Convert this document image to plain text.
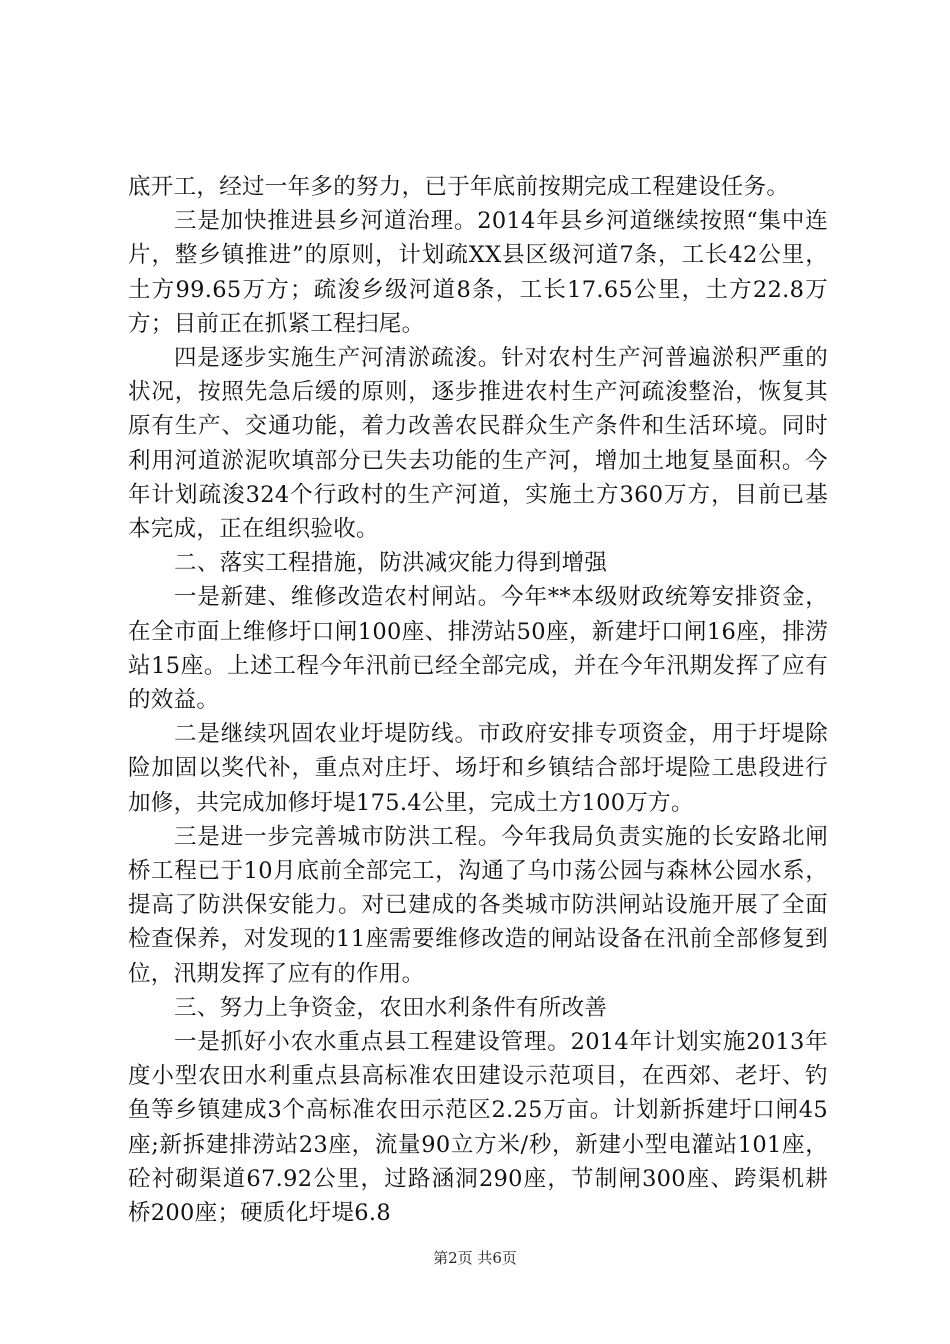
底开工，经过一年多的努力，已于年底前按期完成工程建设任务。

三是加快推进县乡河道治理。2014年县乡河道继续按照“集中连片，整乡镇推进”的原则，计划疏XX县区级河道7条，工长42公里，土方99.65万方；疏浚乡级河道8条，工长17.65公里，土方22.8万方；目前正在抓紧工程扫尾。

四是逐步实施生产河清淤疏浚。针对农村生产河普遍淤积严重的状况，按照先急后缓的原则，逐步推进农村生产河疏浚整治，恢复其原有生产、交通功能，着力改善农民群众生产条件和生活环境。同时利用河道淤泥吹填部分已失去功能的生产河，增加土地复垦面积。今年计划疏浚324个行政村的生产河道，实施土方360万方，目前已基本完成，正在组织验收。

二、落实工程措施，防洪减灾能力得到增强

一是新建、维修改造农村闸站。今年**本级财政统筹安排资金，在全市面上维修圩口闸100座、排涝站50座，新建圩口闸16座，排涝站15座。上述工程今年汛前已经全部完成，并在今年汛期发挥了应有的效益。

二是继续巩固农业圩堤防线。市政府安排专项资金，用于圩堤除险加固以奖代补，重点对庄圩、场圩和乡镇结合部圩堤险工患段进行加修，共完成加修圩堤175.4公里，完成土方100万方。

三是进一步完善城市防洪工程。今年我局负责实施的长安路北闸桥工程已于10月底前全部完工，沟通了乌巾荡公园与森林公园水系，提高了防洪保安能力。对已建成的各类城市防洪闸站设施开展了全面检查保养，对发现的11座需要维修改造的闸站设备在汛前全部修复到位，汛期发挥了应有的作用。

三、努力上争资金，农田水利条件有所改善

一是抓好小农水重点县工程建设管理。2014年计划实施2013年度小型农田水利重点县高标准农田建设示范项目，在西郊、老圩、钓鱼等乡镇建成3个高标准农田示范区2.25万亩。计划新拆建圩口闸45座;新拆建排涝站23座，流量90立方米/秒，新建小型电灌站101座，砼衬砌渠道67.92公里，过路涵洞290座，节制闸300座、跨渠机耕桥200座；硬质化圩堤6.8

第2页 共6页
